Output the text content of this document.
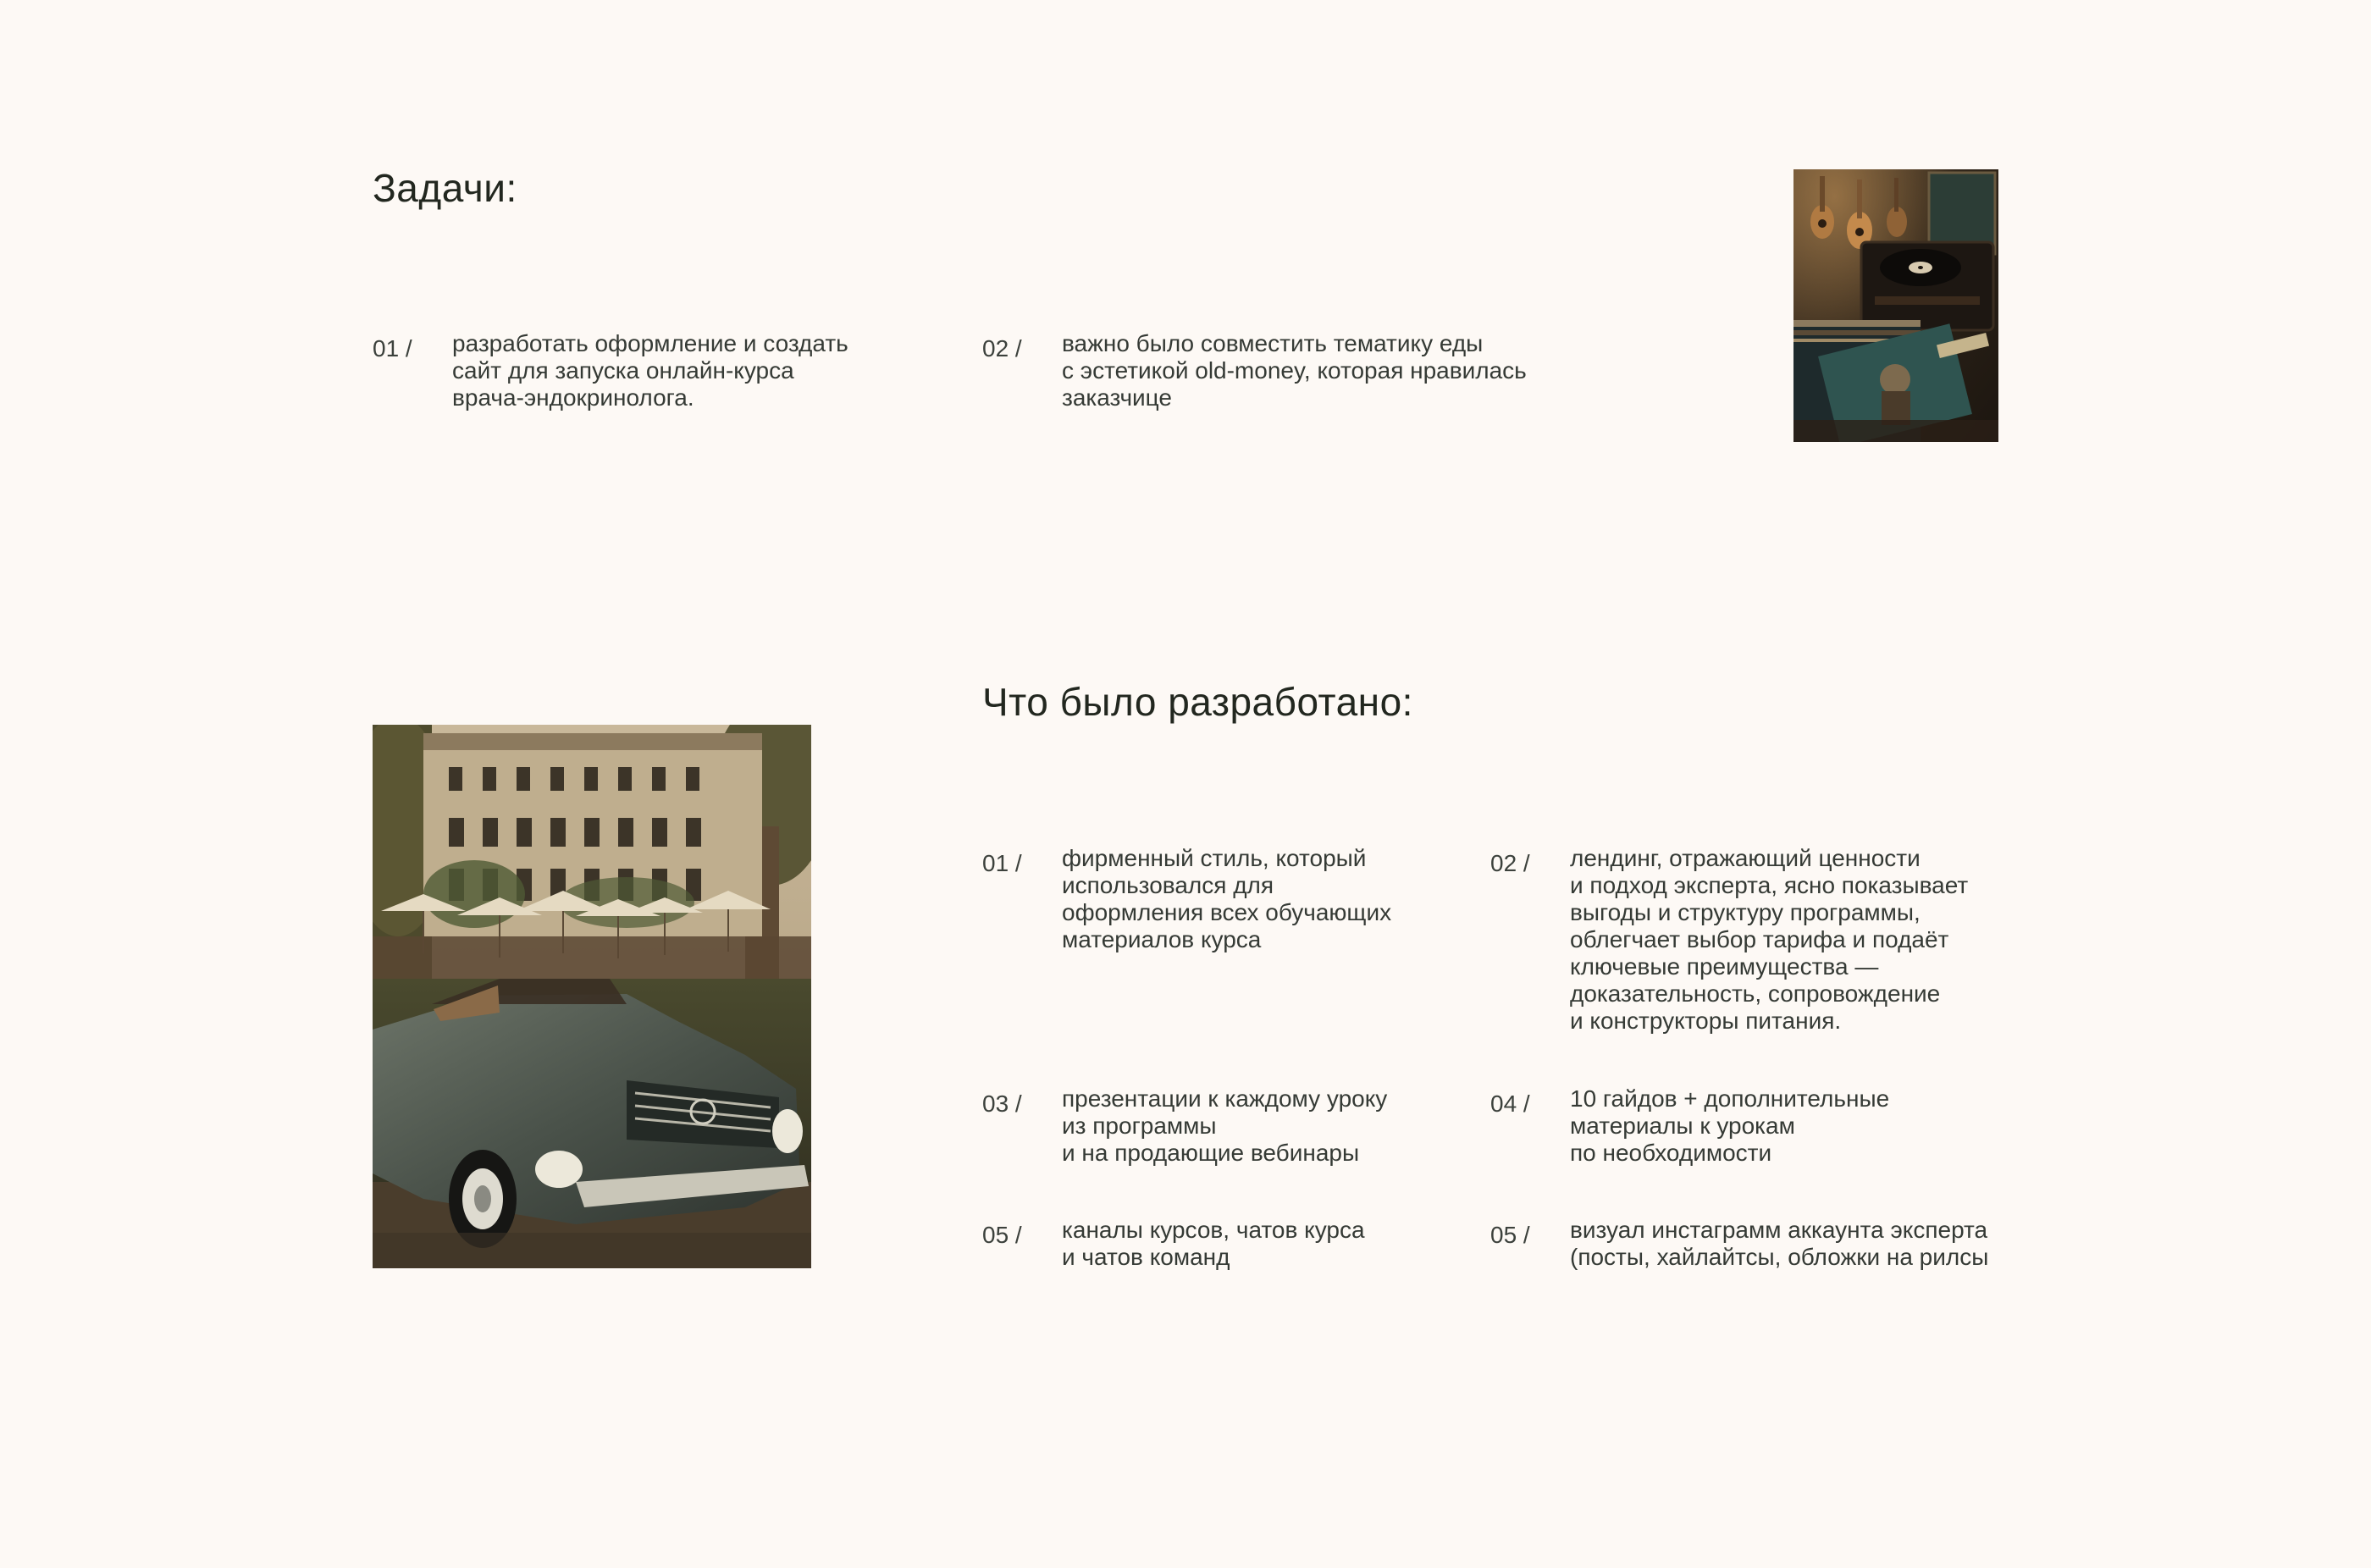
Задачи:
01 /	разработать оформление и создать
сайт для запуска онлайн-курса
врача-эндокринолога.
02 /	важно было совместить тематику еды
с эстетикой old-money, которая нравилась
заказчице
Что было разработано:
01 /	фирменный стиль, который
использовался для
оформления всех обучающих
материалов курса
02 /	лендинг, отражающий ценности
и подход эксперта, ясно показывает
выгоды и структуру программы,
облегчает выбор тарифа и подаёт
ключевые преимущества —
доказательность, сопровождение
и конструкторы питания.
03 /	презентации к каждому уроку
из программы
и на продающие вебинары
04 /	10 гайдов + дополнительные
материалы к урокам
по необходимости
05 /	каналы курсов, чатов курса
и чатов команд
05 /	визуал инстаграмм аккаунта эксперта
(посты, хайлайтсы, обложки на рилсы
